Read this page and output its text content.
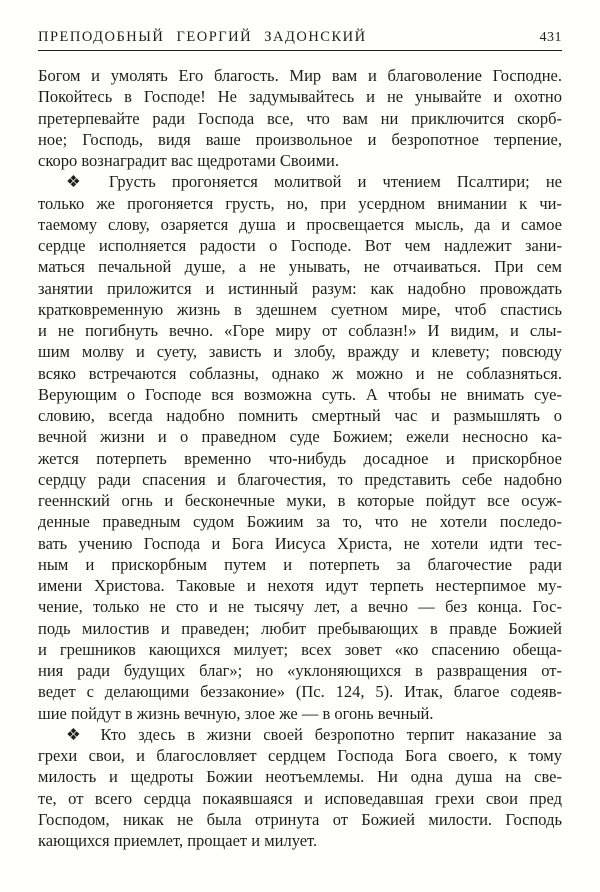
ПРЕПОДОБНЫЙ ГЕОРГИЙ ЗАДОНСКИЙ	431
Богом и умолять Его благость. Мир вам и благоволение Господне.
Покойтесь в Господе! Не задумывайтесь и не унывайте и охотно
претерпевайте ради Господа все, что вам ни приключится скорб-
ное; Господь, видя ваше произвольное и безропотное терпение,
скоро вознаградит вас щедротами Своими.
❖ Грусть прогоняется молитвой и чтением Псалтири; не
только же прогоняется грусть, но, при усердном внимании к чи-
таемому слову, озаряется душа и просвещается мысль, да и самое
сердце исполняется радости о Господе. Вот чем надлежит зани-
маться печальной душе, а не унывать, не отчаиваться. При сем
занятии приложится и истинный разум: как надобно провождать
кратковременную жизнь в здешнем суетном мире, чтоб спастись
и не погибнуть вечно. «Горе миру от соблазн!» И видим, и слы-
шим молву и суету, зависть и злобу, вражду и клевету; повсюду
всяко встречаются соблазны, однако ж можно и не соблазняться.
Верующим о Господе вся возможна суть. А чтобы не внимать суе-
словию, всегда надобно помнить смертный час и размышлять о
вечной жизни и о праведном суде Божием; ежели несносно ка-
жется потерпеть временно что-нибудь досадное и прискорбное
сердцу ради спасения и благочестия, то представить себе надобно
гееннский огнь и бесконечные муки, в которые пойдут все осуж-
денные праведным судом Божиим за то, что не хотели последо-
вать учению Господа и Бога Иисуса Христа, не хотели идти тес-
ным и прискорбным путем и потерпеть за благочестие ради
имени Христова. Таковые и нехотя идут терпеть нестерпимое му-
чение, только не сто и не тысячу лет, а вечно — без конца. Гос-
подь милостив и праведен; любит пребывающих в правде Божией
и грешников кающихся милует; всех зовет «ко спасению обеща-
ния ради будущих благ»; но «уклоняющихся в развращения от-
ведет с делающими беззаконие» (Пс. 124, 5). Итак, благое содеяв-
шие пойдут в жизнь вечную, злое же — в огонь вечный.
❖ Кто здесь в жизни своей безропотно терпит наказание за
грехи свои, и благословляет сердцем Господа Бога своего, к тому
милость и щедроты Божии неотъемлемы. Ни одна душа на све-
те, от всего сердца покаявшаяся и исповедавшая грехи свои пред
Господом, никак не была отринута от Божией милости. Господь
кающихся приемлет, прощает и милует.
